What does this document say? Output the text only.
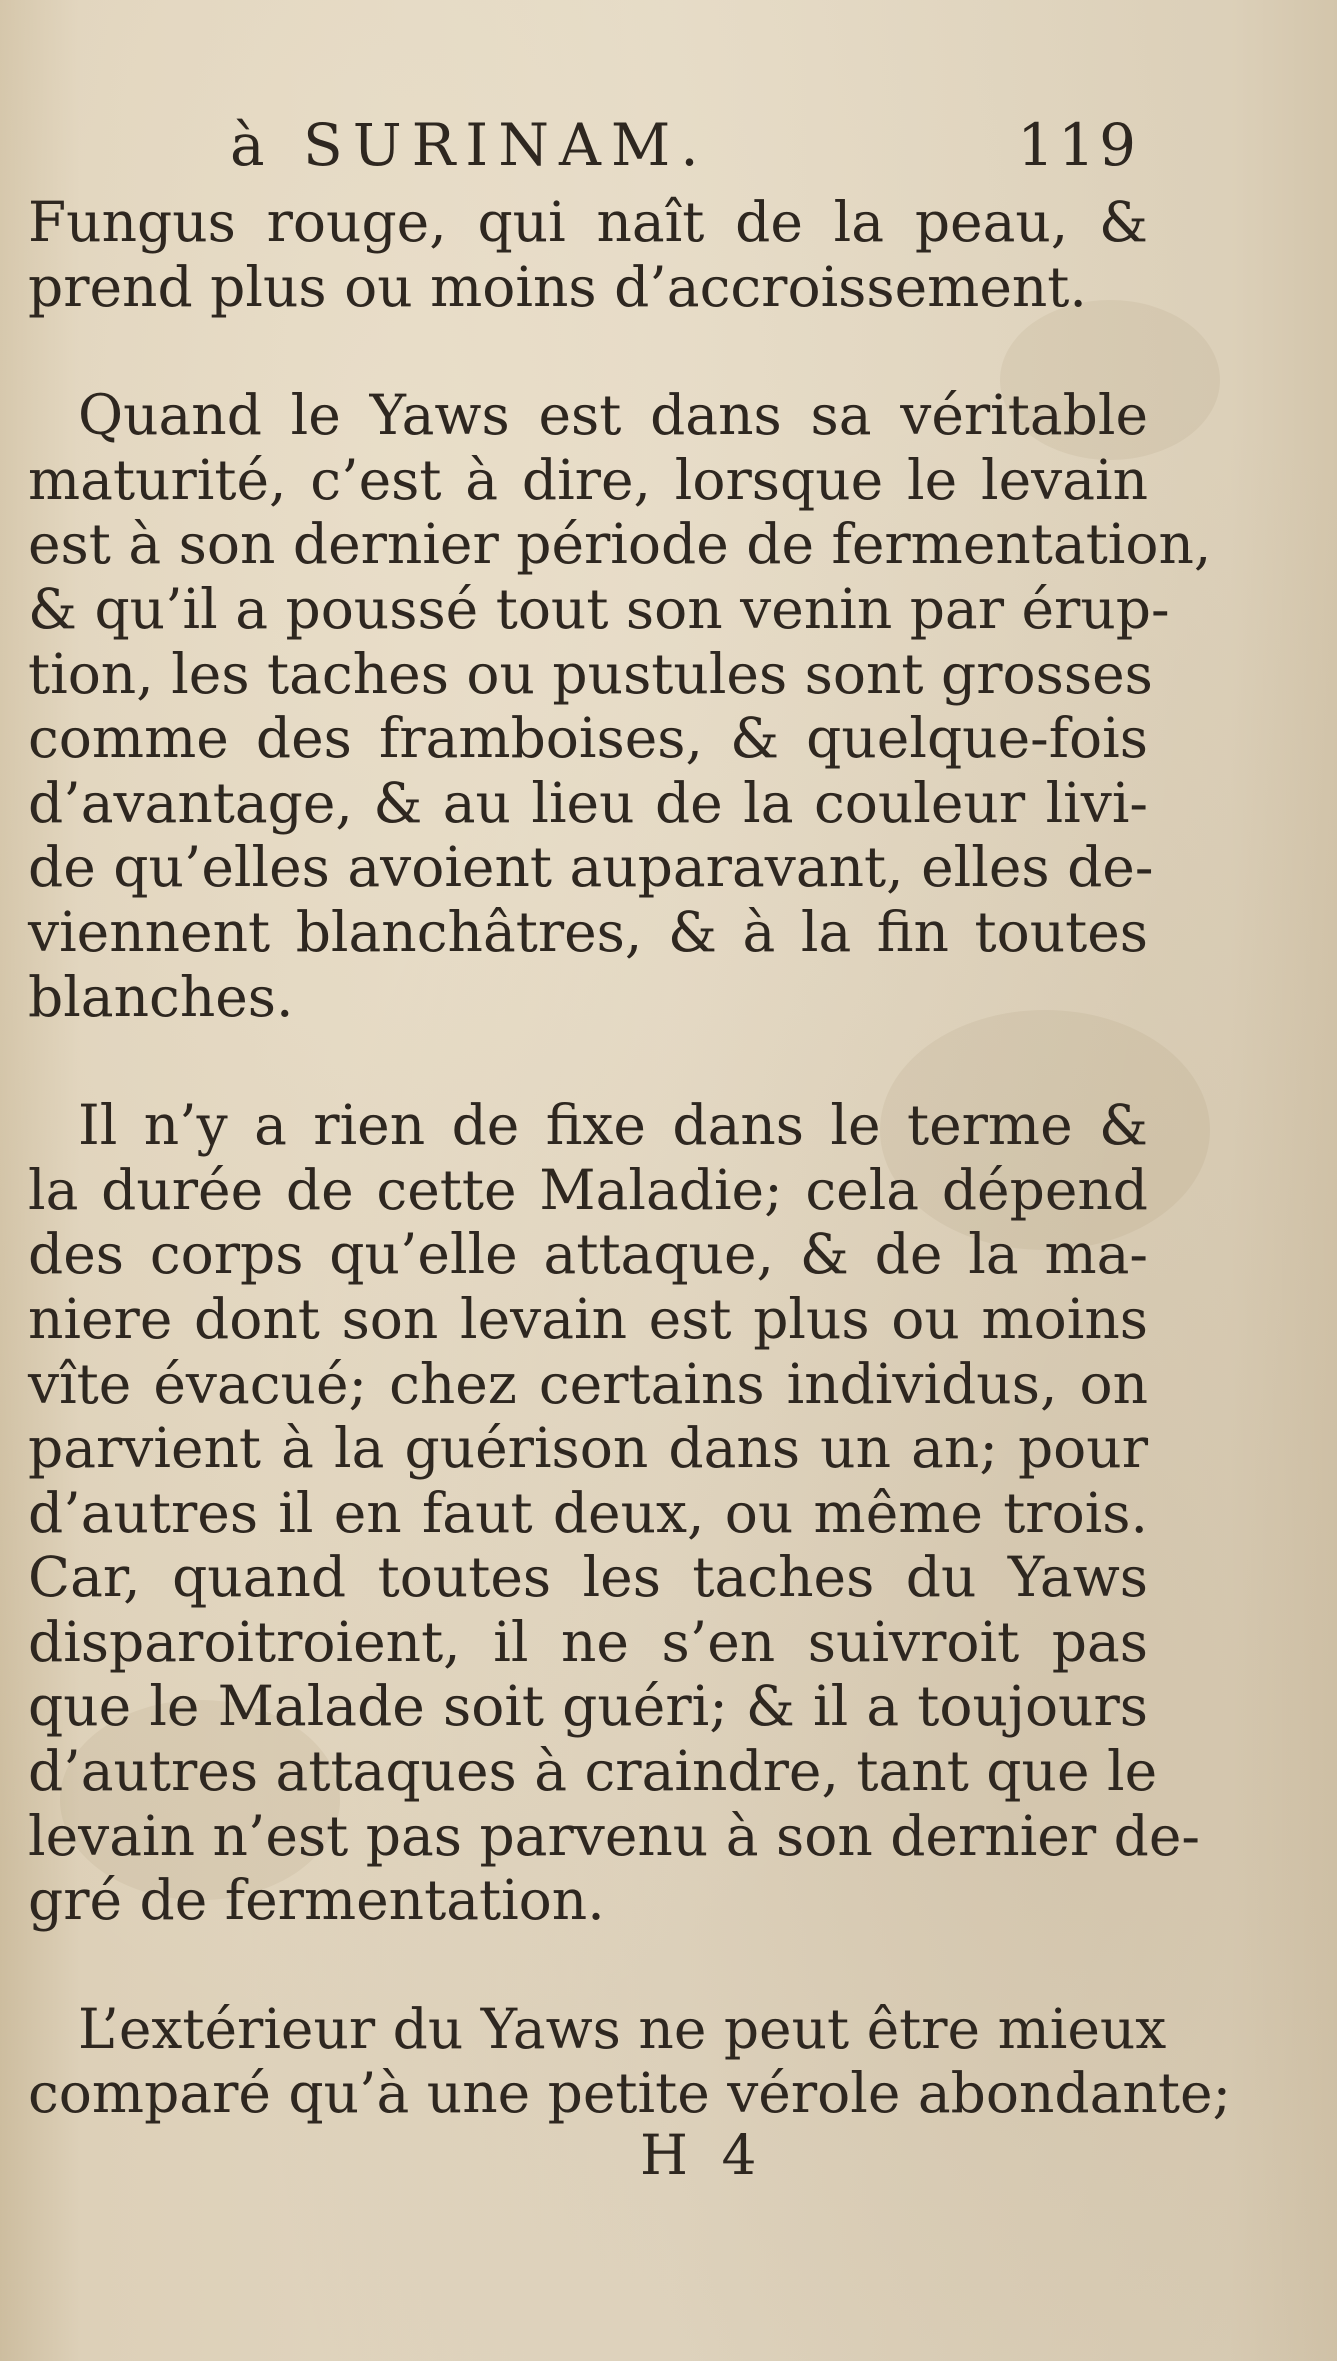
à SURINAM.	119
Fungus rouge, qui naît de la peau, &
prend plus ou moins d’accroissement.
Quand le Yaws est dans sa véritable
maturité, c’est à dire, lorsque le levain
est à son dernier période de fermentation,
& qu’il a poussé tout son venin par érup-
tion, les taches ou pustules sont grosses
comme des framboises, & quelque-fois
d’avantage, & au lieu de la couleur livi-
de qu’elles avoient auparavant, elles de-
viennent blanchâtres, & à la fin toutes
blanches.
Il n’y a rien de fixe dans le terme &
la durée de cette Maladie; cela dépend
des corps qu’elle attaque, & de la ma-
niere dont son levain est plus ou moins
vîte évacué; chez certains individus, on
parvient à la guérison dans un an; pour
d’autres il en faut deux, ou même trois.
Car, quand toutes les taches du Yaws
disparoitroient, il ne s’en suivroit pas
que le Malade soit guéri; & il a toujours
d’autres attaques à craindre, tant que le
levain n’est pas parvenu à son dernier de-
gré de fermentation.
L’extérieur du Yaws ne peut être mieux
comparé qu’à une petite vérole abondante;
H 4
